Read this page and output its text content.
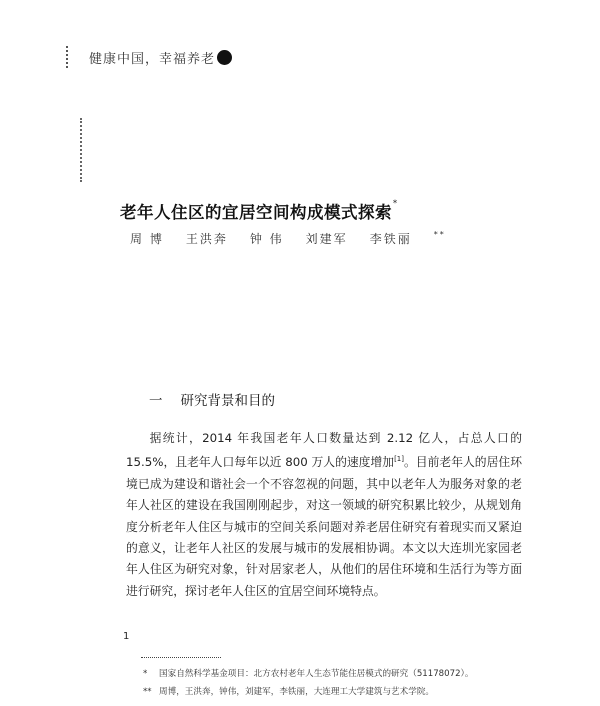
健康中国，幸福养老
老年人住区的宜居空间构成模式探索*
周 博 王洪奔 钟 伟 刘建军 李铁丽	**
一 研究背景和目的

据统计，2014 年我国老年人口数量达到 2.12 亿人，占总人口的 15.5%，且老年人口每年以近 800 万人的速度增加[1]。目前老年人的居住环境已成为建设和谐社会一个不容忽视的问题，其中以老年人为服务对象的老年人社区的建设在我国刚刚起步，对这一领域的研究积累比较少，从规划角度分析老年人住区与城市的空间关系问题对养老居住研究有着现实而又紧迫的意义，让老年人社区的发展与城市的发展相协调。本文以大连圳光家园老年人住区为研究对象，针对居家老人，从他们的居住环境和生活行为等方面进行研究，探讨老年人住区的宜居空间环境特点。

1
*	国家自然科学基金项目：北方农村老年人生态节能住居模式的研究（51178072）。
** 周博，王洪奔，钟伟，刘建军，李铁丽，大连理工大学建筑与艺术学院。
